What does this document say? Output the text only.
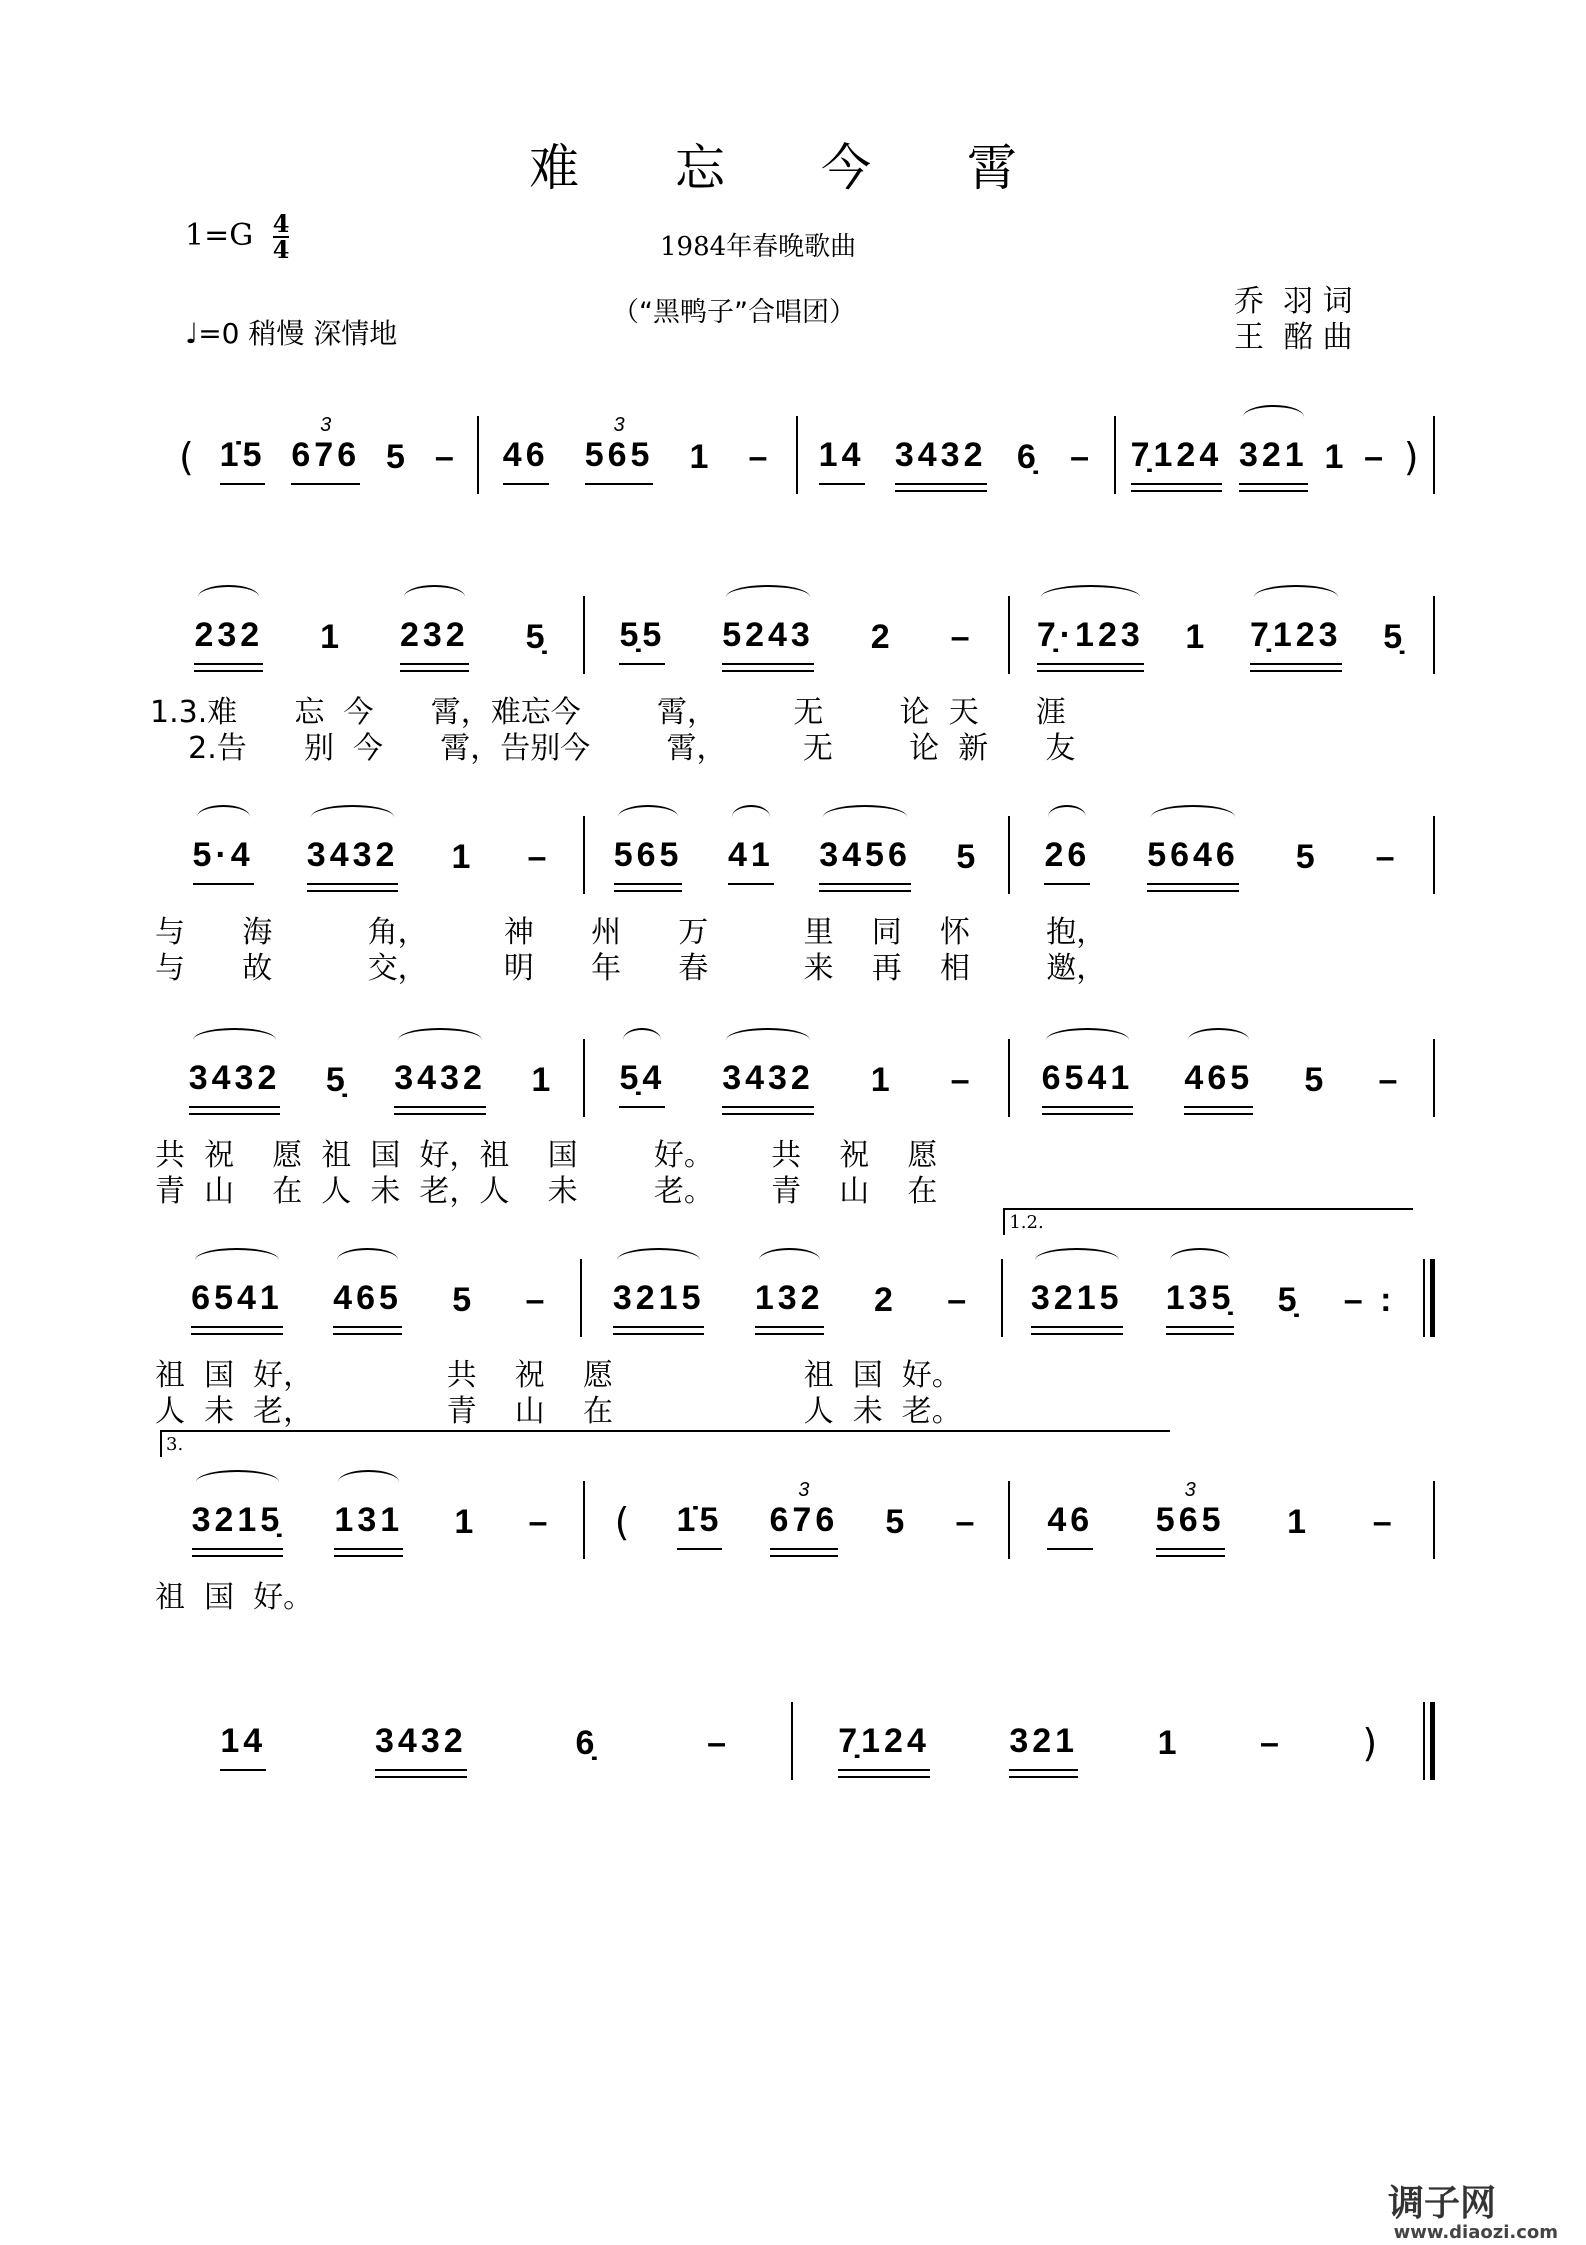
难 忘 今 霄
$1=G \frac{4}{4}$	1984年春晚歌曲
（“黑鸭子”合唱团）
♩=0 稍慢 深情地
乔  羽 词
王  酩 曲
( 1̇5 676
3
5 – 46 565
3
1 – 14 3432 6̣ – 7̣124 321 1 – )
232 1 232 5̣ 5̣5 5243 2 – 7̣·123 1 7̣123 5̣
1.3.难      忘  今      霄，难忘今        霄，        无        论  天      涯
2.告      别  今      霄，告别今        霄，        无        论  新      友
5·4 3432 1 – 565 41 3456 5 26 5646 5 –
与      海          角，        神      州      万          里    同    怀        抱，
与      故          交，        明      年      春          来    再    相        邀，
3432 5̣ 3432 1 5̣4 3432 1 – 6541 465 5 –
共  祝    愿  祖  国  好，祖    国        好。      共    祝    愿
青  山    在  人  未  老，人    未        老。      青    山    在
6541 465 5 – 3215 132 2 –
1.2.
3215 135̣ 5̣ – :
祖  国  好，              共    祝    愿                    祖  国  好。
人  未  老，              青    山    在                    人  未  老。
3.
3215̣ 131 1 – ( 1̇5 676
3
5 – 46 565
3
1 –
祖  国  好。
14	3432	6̣	–	7̣124 321 1 – )
调子网
www.diaozi.com
